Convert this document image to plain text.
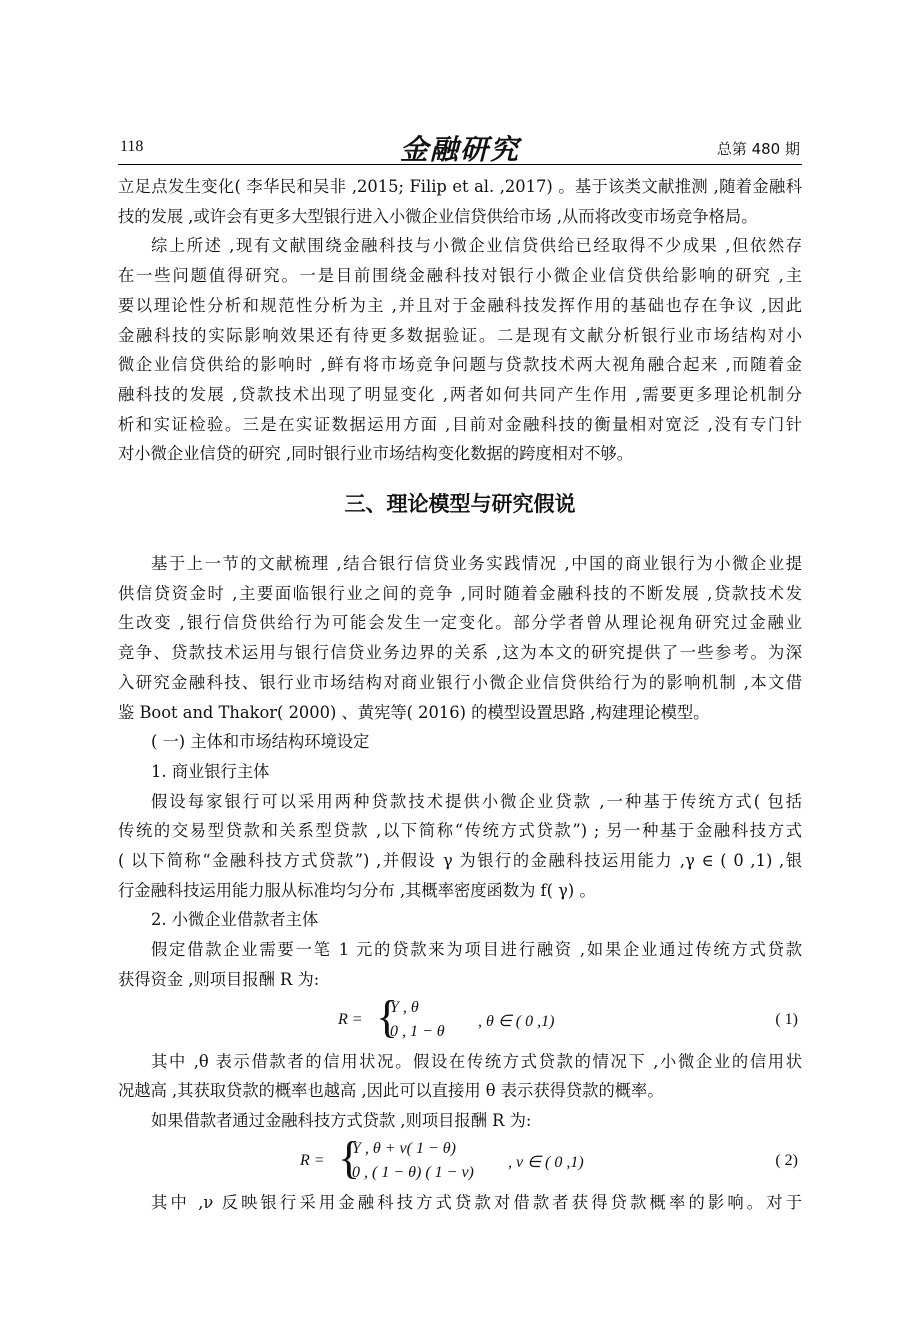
118	金融研究	总第 480 期

立足点发生变化( 李华民和吴非 ,2015; Filip et al. ,2017) 。基于该类文献推测 ,随着金融科

技的发展 ,或许会有更多大型银行进入小微企业信贷供给市场 ,从而将改变市场竞争格局。

综上所述 ,现有文献围绕金融科技与小微企业信贷供给已经取得不少成果 ,但依然存

在一些问题值得研究。一是目前围绕金融科技对银行小微企业信贷供给影响的研究 ,主

要以理论性分析和规范性分析为主 ,并且对于金融科技发挥作用的基础也存在争议 ,因此

金融科技的实际影响效果还有待更多数据验证。二是现有文献分析银行业市场结构对小

微企业信贷供给的影响时 ,鲜有将市场竞争问题与贷款技术两大视角融合起来 ,而随着金

融科技的发展 ,贷款技术出现了明显变化 ,两者如何共同产生作用 ,需要更多理论机制分

析和实证检验。三是在实证数据运用方面 ,目前对金融科技的衡量相对宽泛 ,没有专门针

对小微企业信贷的研究 ,同时银行业市场结构变化数据的跨度相对不够。

三、理论模型与研究假说

基于上一节的文献梳理 ,结合银行信贷业务实践情况 ,中国的商业银行为小微企业提

供信贷资金时 ,主要面临银行业之间的竞争 ,同时随着金融科技的不断发展 ,贷款技术发

生改变 ,银行信贷供给行为可能会发生一定变化。部分学者曾从理论视角研究过金融业

竞争、贷款技术运用与银行信贷业务边界的关系 ,这为本文的研究提供了一些参考。为深

入研究金融科技、银行业市场结构对商业银行小微企业信贷供给行为的影响机制 ,本文借

鉴 Boot and Thakor( 2000) 、黄宪等( 2016) 的模型设置思路 ,构建理论模型。

( 一) 主体和市场结构环境设定

1. 商业银行主体

假设每家银行可以采用两种贷款技术提供小微企业贷款 ,一种基于传统方式( 包括

传统的交易型贷款和关系型贷款 ,以下简称“传统方式贷款”) ; 另一种基于金融科技方式

( 以下简称“金融科技方式贷款”) ,并假设 γ 为银行的金融科技运用能力 ,γ ∈ ( 0 ,1) ,银

行金融科技运用能力服从标准均匀分布 ,其概率密度函数为 f( γ) 。

2. 小微企业借款者主体

假定借款企业需要一笔 1 元的贷款来为项目进行融资 ,如果企业通过传统方式贷款

获得资金 ,则项目报酬 R 为:

R = {
Y , θ
0 , 1 − θ
, θ ∈ ( 0 ,1)	( 1)

其中 ,θ 表示借款者的信用状况。假设在传统方式贷款的情况下 ,小微企业的信用状

况越高 ,其获取贷款的概率也越高 ,因此可以直接用 θ 表示获得贷款的概率。

如果借款者通过金融科技方式贷款 ,则项目报酬 R 为:

R = {
Y , θ + ν( 1 − θ)
0 , ( 1 − θ) ( 1 − ν)
, ν ∈ ( 0 ,1)	( 2)

其中 ,ν 反映银行采用金融科技方式贷款对借款者获得贷款概率的影响。对于
